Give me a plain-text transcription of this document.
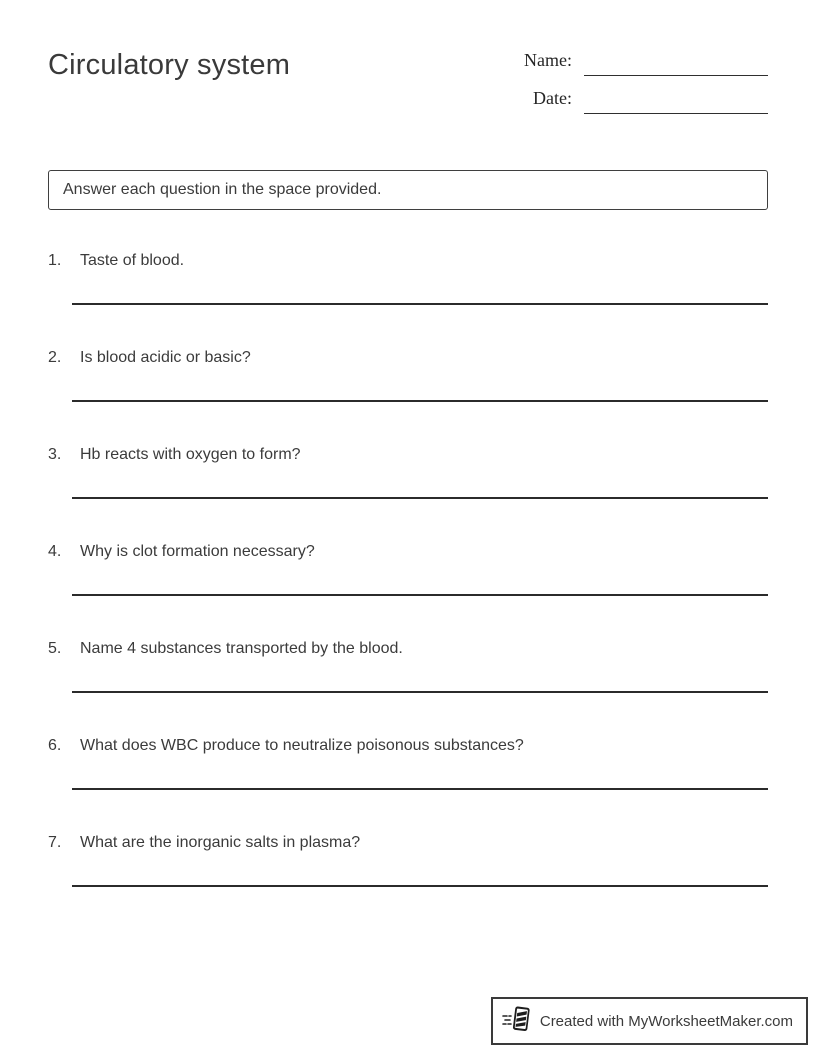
Circulatory system	Name:
Date:
Answer each question in the space provided.
1.	Taste of blood.
2.	Is blood acidic or basic?
3.	Hb reacts with oxygen to form?
4.	Why is clot formation necessary?
5.	Name 4 substances transported by the blood.
6.	What does WBC produce to neutralize poisonous substances?
7.	What are the inorganic salts in plasma?
Created with MyWorksheetMaker.com
